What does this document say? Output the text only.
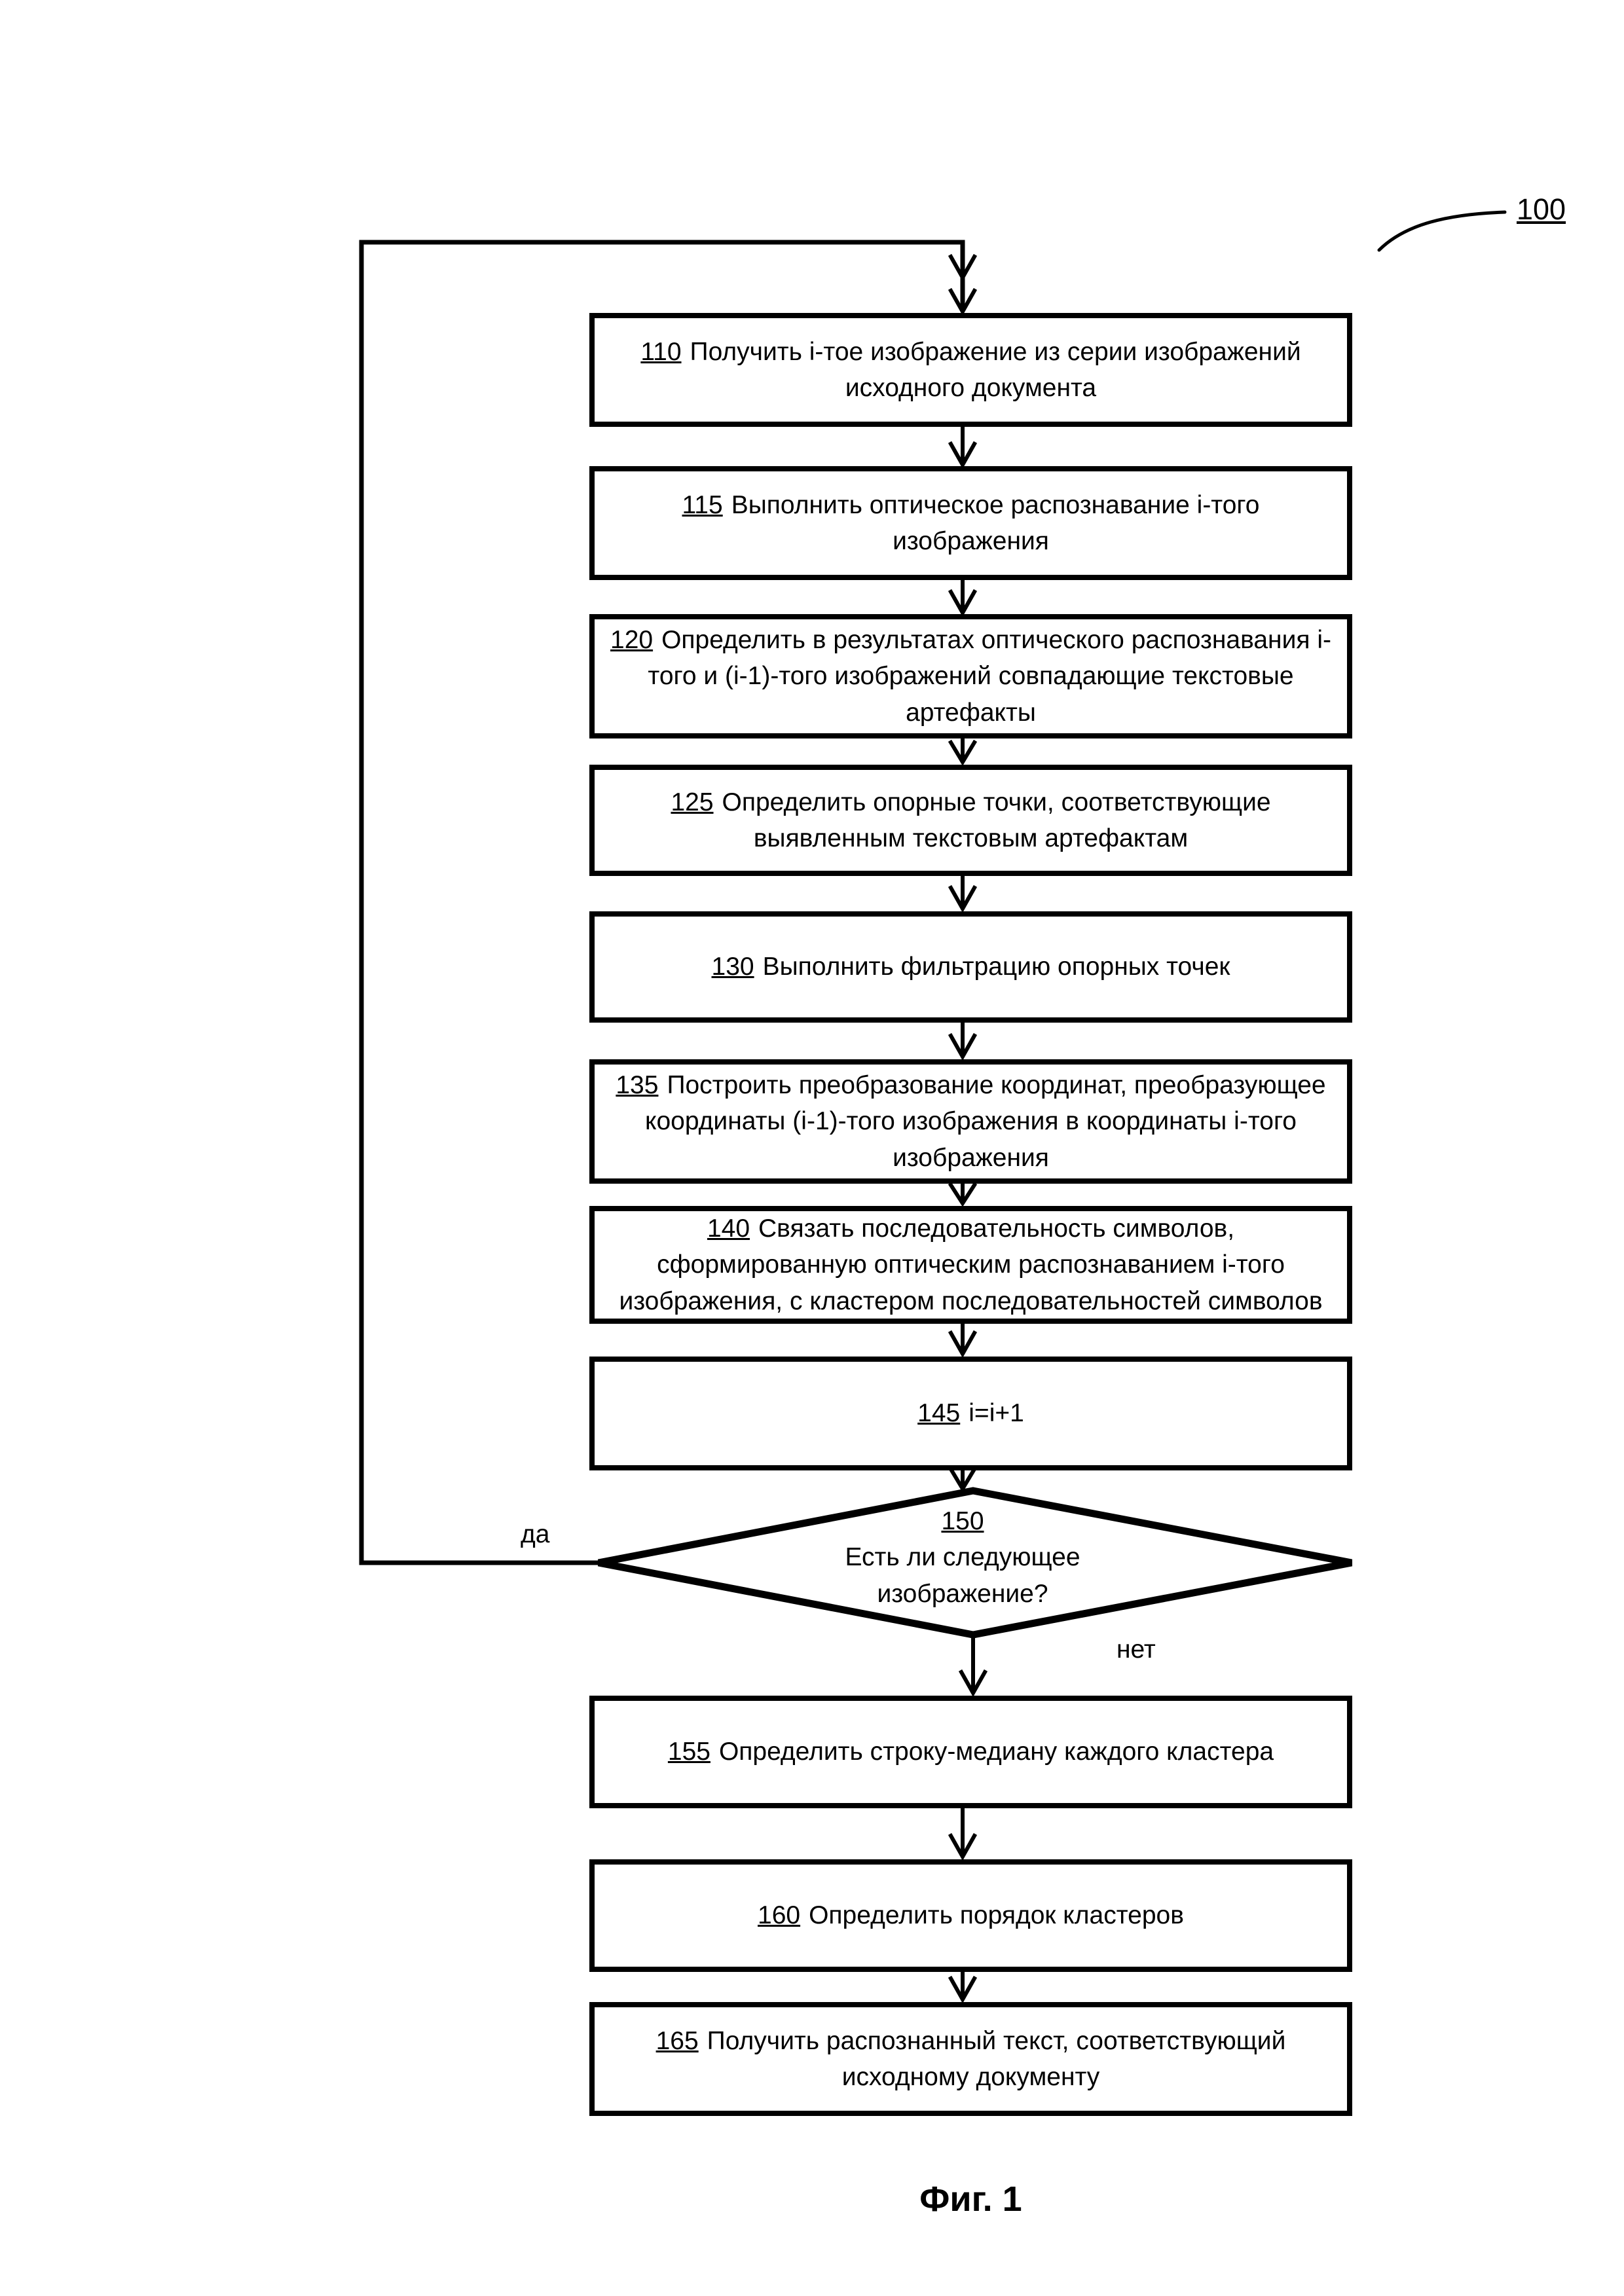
110 Получить i-тое изображение из серии изображений исходного документа
115 Выполнить оптическое распознавание i-того изображения
120 Определить в результатах оптического распознавания i-того и (i-1)-того изображений совпадающие текстовые артефакты
125 Определить опорные точки, соответствующие выявленным текстовым артефактам
130 Выполнить фильтрацию опорных точек
135 Построить преобразование координат, преобразующее координаты (i-1)-того изображения в координаты i-того изображения
140 Связать последовательность символов, сформированную оптическим распознаванием i-того изображения, с кластером последовательностей символов
145 i=i+1
150
Есть ли следующее изображение?
да
нет
155 Определить строку-медиану каждого кластера
160 Определить порядок кластеров
165 Получить распознанный текст, соответствующий исходному документу
100
Фиг. 1
